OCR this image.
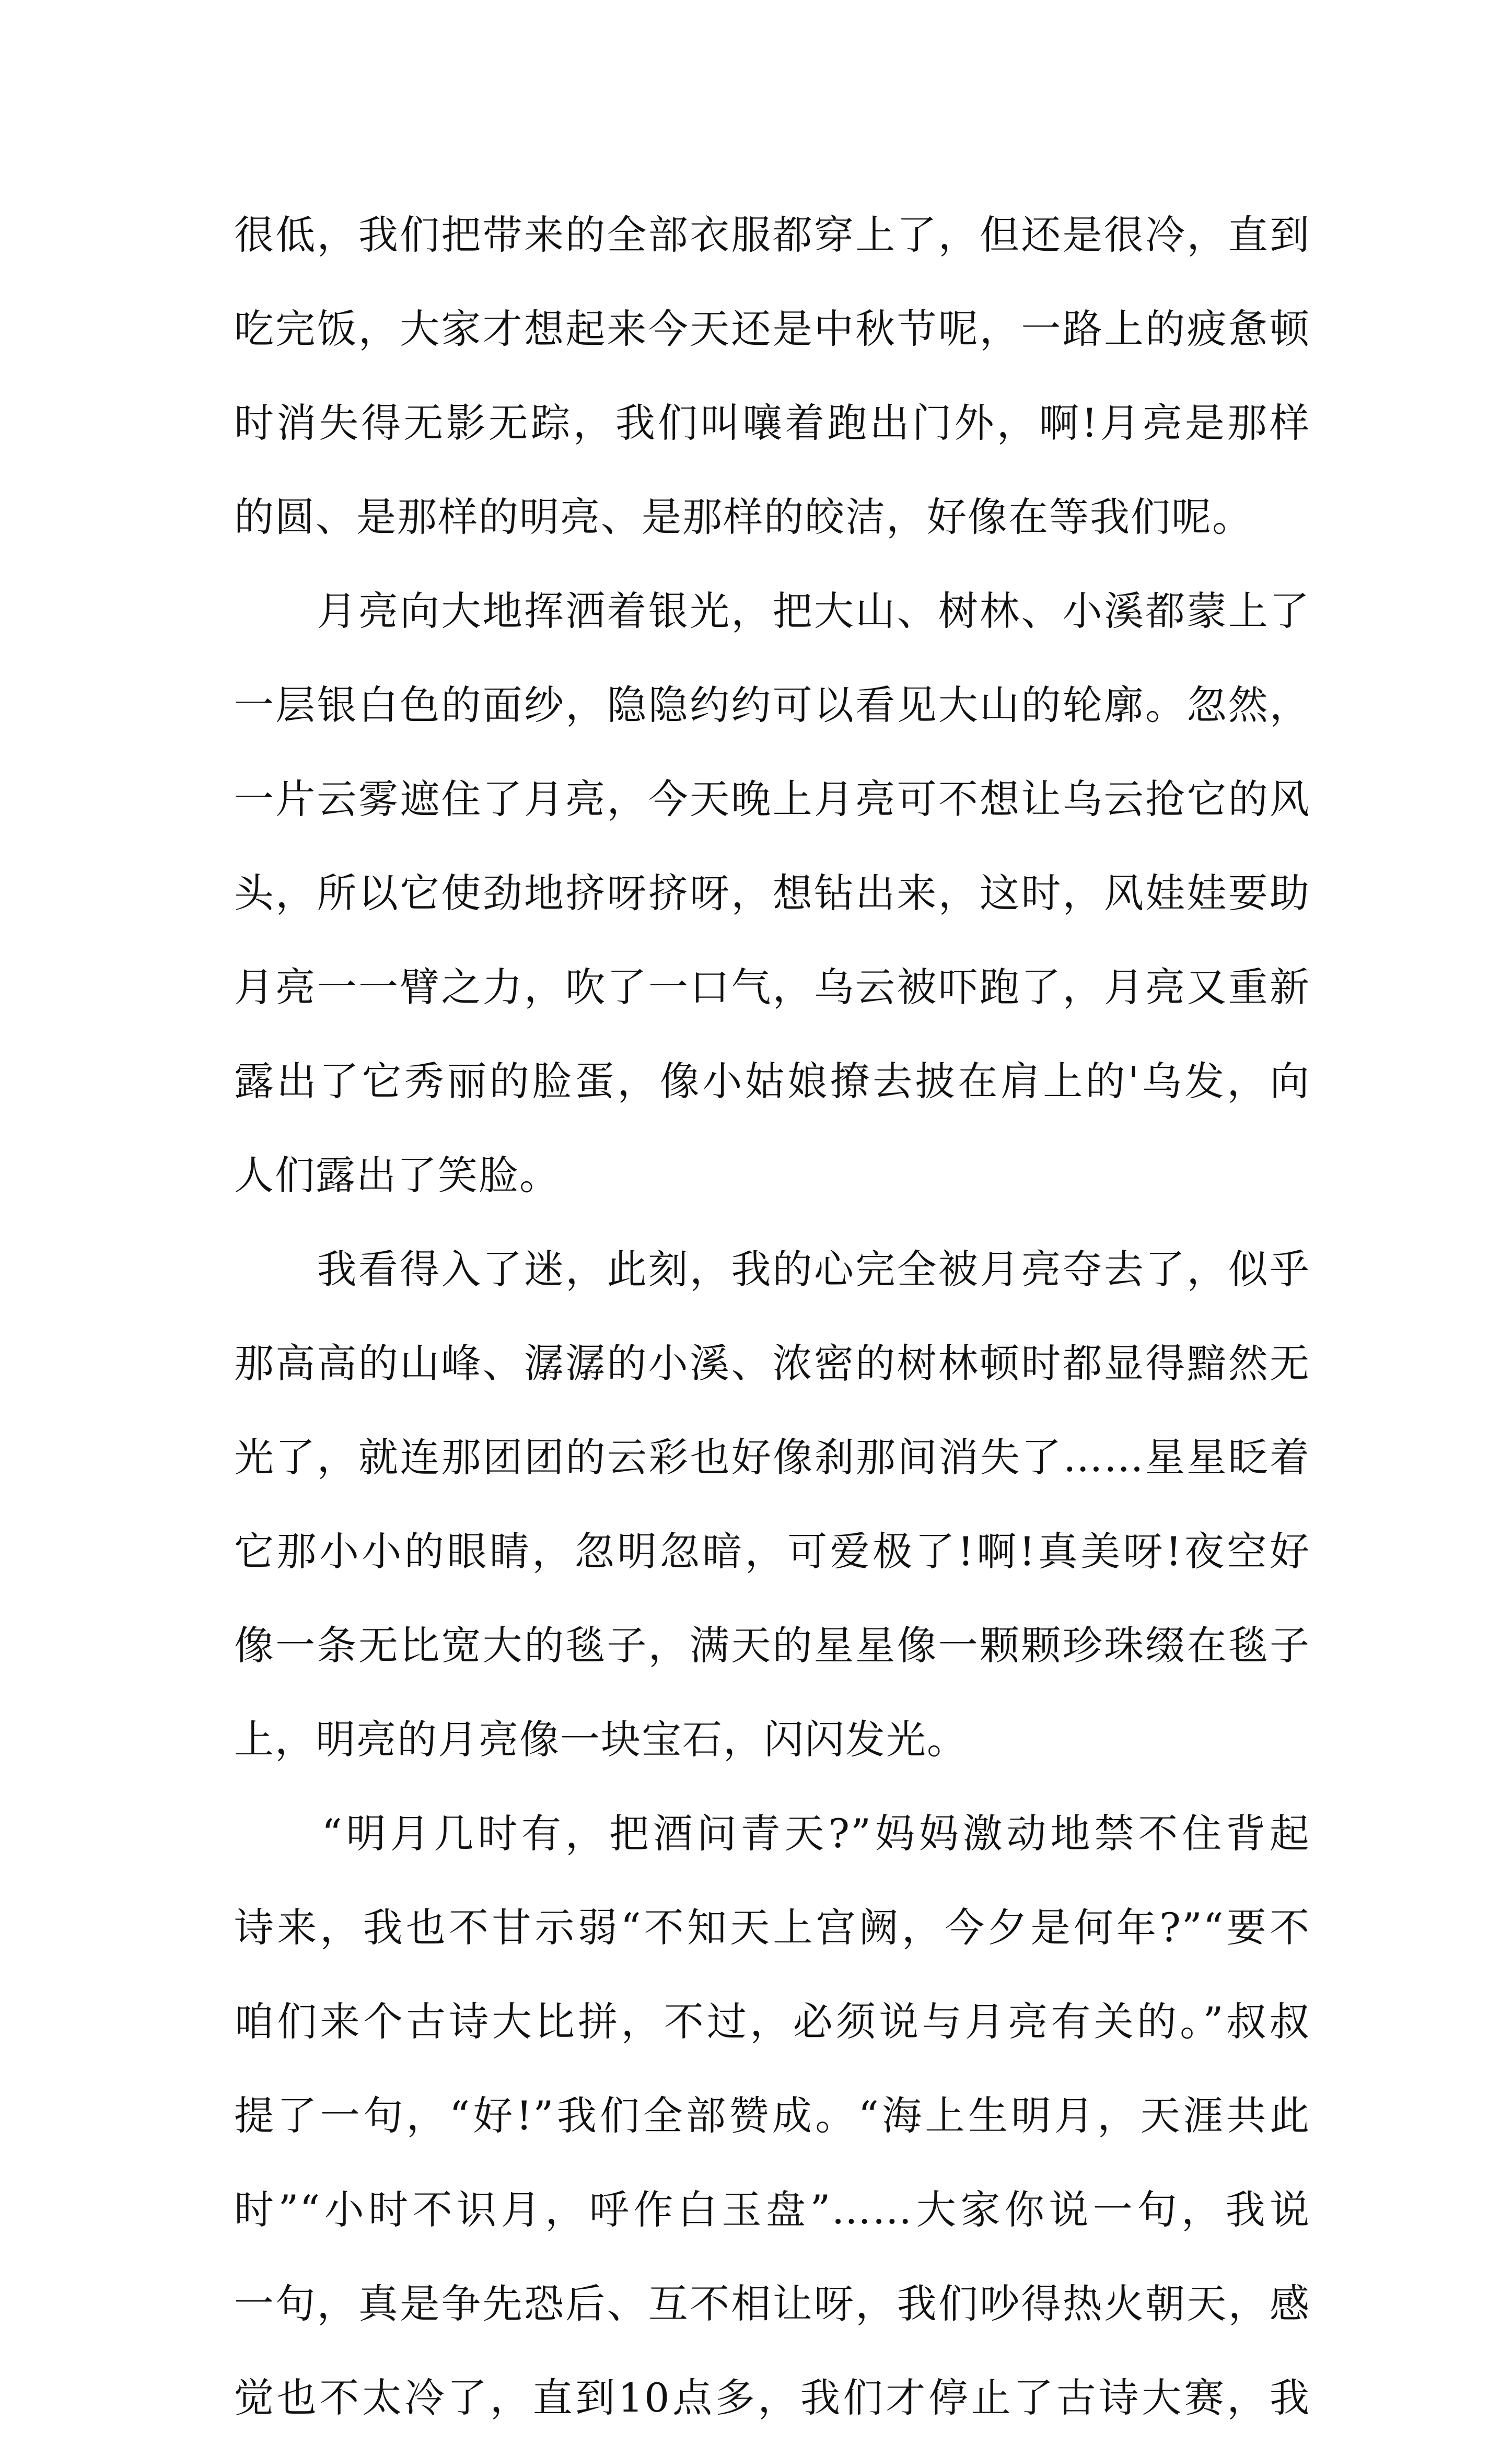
很低，我们把带来的全部衣服都穿上了，但还是很冷，直到
吃完饭，大家才想起来今天还是中秋节呢，一路上的疲惫顿
时消失得无影无踪，我们叫嚷着跑出门外，啊!月亮是那样
的圆、是那样的明亮、是那样的皎洁，好像在等我们呢。
　　月亮向大地挥洒着银光，把大山、树林、小溪都蒙上了
一层银白色的面纱，隐隐约约可以看见大山的轮廓。忽然，
一片云雾遮住了月亮，今天晚上月亮可不想让乌云抢它的风
头，所以它使劲地挤呀挤呀，想钻出来，这时，风娃娃要助
月亮一一臂之力，吹了一口气，乌云被吓跑了，月亮又重新
露出了它秀丽的脸蛋，像小姑娘撩去披在肩上的'乌发，向
人们露出了笑脸。
　　我看得入了迷，此刻，我的心完全被月亮夺去了，似乎
那高高的山峰、潺潺的小溪、浓密的树林顿时都显得黯然无
光了，就连那团团的云彩也好像刹那间消失了……星星眨着
它那小小的眼睛，忽明忽暗，可爱极了!啊!真美呀!夜空好
像一条无比宽大的毯子，满天的星星像一颗颗珍珠缀在毯子
上，明亮的月亮像一块宝石，闪闪发光。
　　“明月几时有，把酒问青天?”妈妈激动地禁不住背起
诗来，我也不甘示弱“不知天上宫阙，今夕是何年?”“要不
咱们来个古诗大比拼，不过，必须说与月亮有关的。”叔叔
提了一句，“好!”我们全部赞成。“海上生明月，天涯共此
时”“小时不识月，呼作白玉盘”……大家你说一句，我说
一句，真是争先恐后、互不相让呀，我们吵得热火朝天，感
觉也不太冷了，直到10点多，我们才停止了古诗大赛，我
